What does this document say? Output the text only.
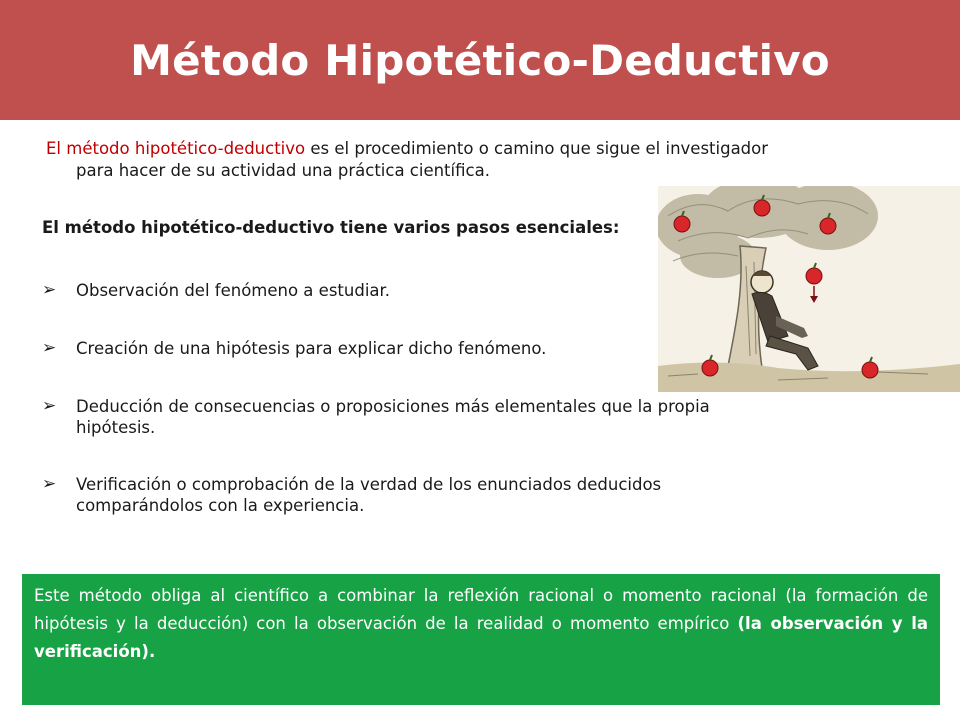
Método Hipotético-Deductivo
El método hipotético-deductivo es el procedimiento o camino que sigue el investigador para hacer de su actividad una práctica científica.
El método hipotético-deductivo tiene varios pasos esenciales:
➢	Observación del fenómeno a estudiar.
➢	Creación de una hipótesis para explicar dicho fenómeno.
➢	Deducción de consecuencias o proposiciones más elementales que la propia hipótesis.
➢	Verificación o comprobación de la verdad de los enunciados deducidos comparándolos con la experiencia.
Este método obliga al científico a combinar la reflexión racional o momento racional (la formación de hipótesis y la deducción) con la observación de la realidad o momento empírico (la observación y la verificación).
